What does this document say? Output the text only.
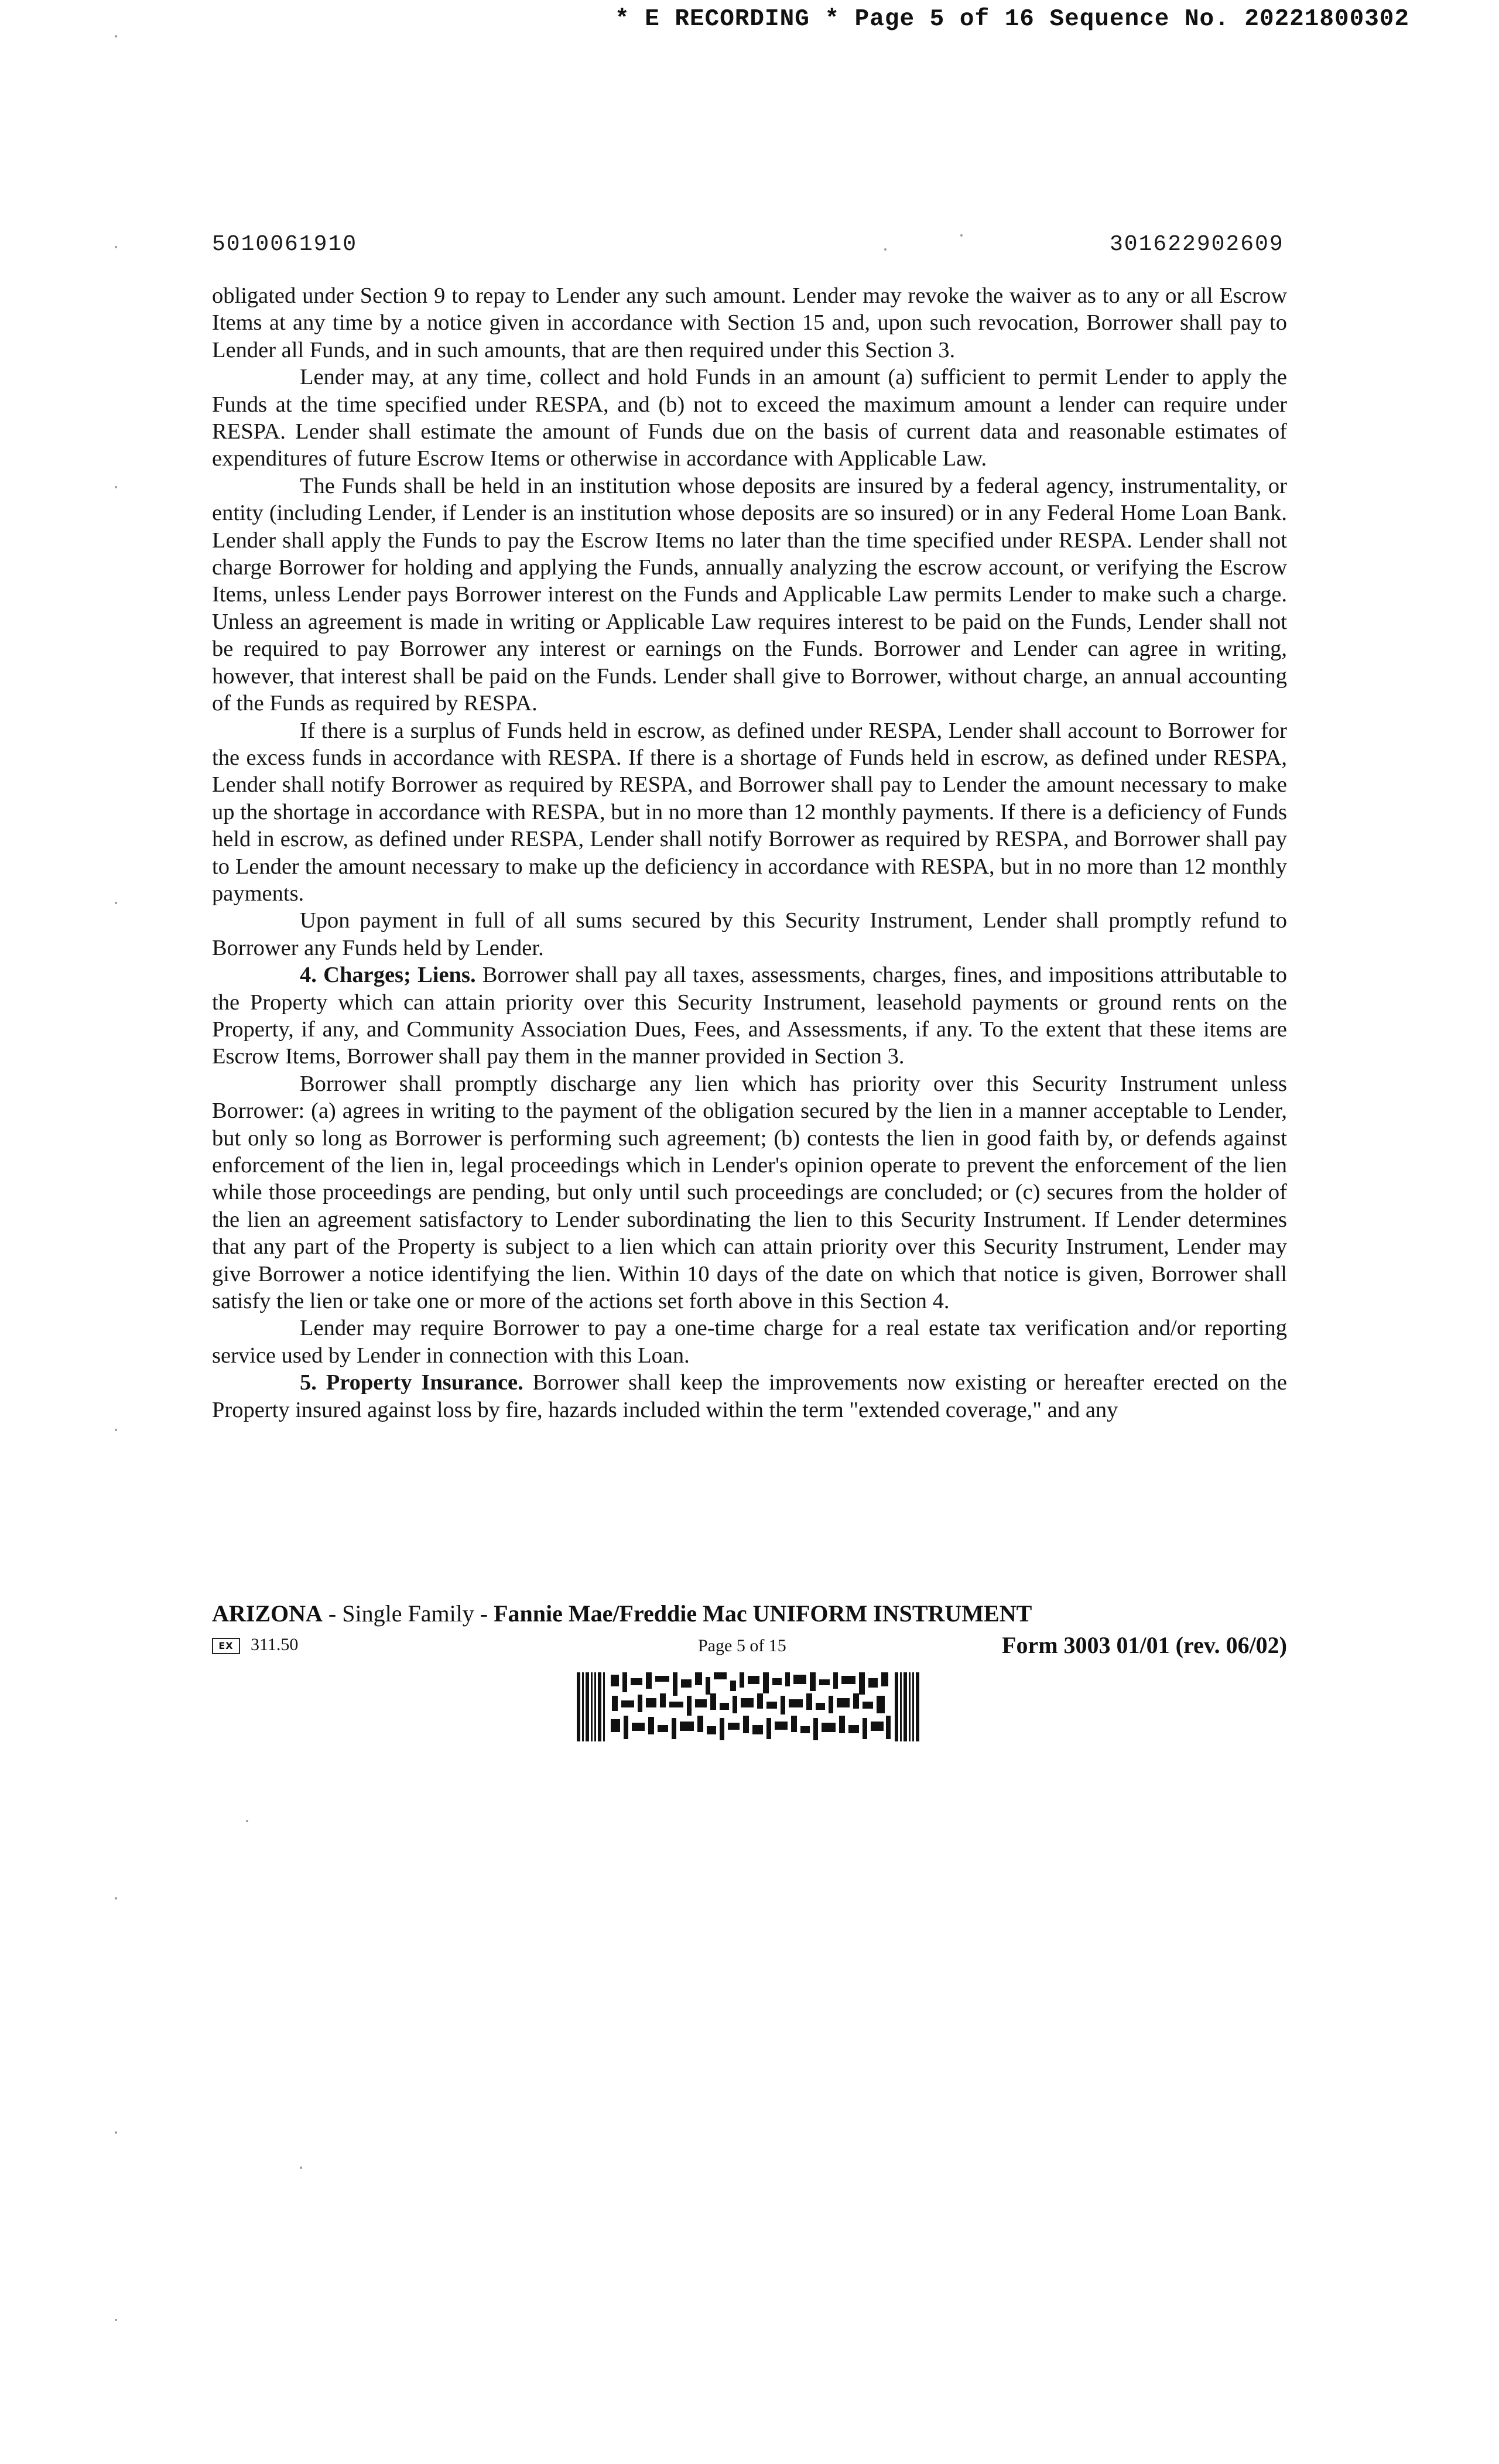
* E RECORDING * Page 5 of 16 Sequence No. 20221800302
5010061910	301622902609

obligated under Section 9 to repay to Lender any such amount. Lender may revoke the waiver as to any or all Escrow Items at any time by a notice given in accordance with Section 15 and, upon such revocation, Borrower shall pay to Lender all Funds, and in such amounts, that are then required under this Section 3.

Lender may, at any time, collect and hold Funds in an amount (a) sufficient to permit Lender to apply the Funds at the time specified under RESPA, and (b) not to exceed the maximum amount a lender can require under RESPA. Lender shall estimate the amount of Funds due on the basis of current data and reasonable estimates of expenditures of future Escrow Items or otherwise in accordance with Applicable Law.

The Funds shall be held in an institution whose deposits are insured by a federal agency, instrumentality, or entity (including Lender, if Lender is an institution whose deposits are so insured) or in any Federal Home Loan Bank. Lender shall apply the Funds to pay the Escrow Items no later than the time specified under RESPA. Lender shall not charge Borrower for holding and applying the Funds, annually analyzing the escrow account, or verifying the Escrow Items, unless Lender pays Borrower interest on the Funds and Applicable Law permits Lender to make such a charge. Unless an agreement is made in writing or Applicable Law requires interest to be paid on the Funds, Lender shall not be required to pay Borrower any interest or earnings on the Funds. Borrower and Lender can agree in writing, however, that interest shall be paid on the Funds. Lender shall give to Borrower, without charge, an annual accounting of the Funds as required by RESPA.

If there is a surplus of Funds held in escrow, as defined under RESPA, Lender shall account to Borrower for the excess funds in accordance with RESPA. If there is a shortage of Funds held in escrow, as defined under RESPA, Lender shall notify Borrower as required by RESPA, and Borrower shall pay to Lender the amount necessary to make up the shortage in accordance with RESPA, but in no more than 12 monthly payments. If there is a deficiency of Funds held in escrow, as defined under RESPA, Lender shall notify Borrower as required by RESPA, and Borrower shall pay to Lender the amount necessary to make up the deficiency in accordance with RESPA, but in no more than 12 monthly payments.

Upon payment in full of all sums secured by this Security Instrument, Lender shall promptly refund to Borrower any Funds held by Lender.

4. Charges; Liens. Borrower shall pay all taxes, assessments, charges, fines, and impositions attributable to the Property which can attain priority over this Security Instrument, leasehold payments or ground rents on the Property, if any, and Community Association Dues, Fees, and Assessments, if any. To the extent that these items are Escrow Items, Borrower shall pay them in the manner provided in Section 3.

Borrower shall promptly discharge any lien which has priority over this Security Instrument unless Borrower: (a) agrees in writing to the payment of the obligation secured by the lien in a manner acceptable to Lender, but only so long as Borrower is performing such agreement; (b) contests the lien in good faith by, or defends against enforcement of the lien in, legal proceedings which in Lender's opinion operate to prevent the enforcement of the lien while those proceedings are pending, but only until such proceedings are concluded; or (c) secures from the holder of the lien an agreement satisfactory to Lender subordinating the lien to this Security Instrument. If Lender determines that any part of the Property is subject to a lien which can attain priority over this Security Instrument, Lender may give Borrower a notice identifying the lien. Within 10 days of the date on which that notice is given, Borrower shall satisfy the lien or take one or more of the actions set forth above in this Section 4.

Lender may require Borrower to pay a one-time charge for a real estate tax verification and/or reporting service used by Lender in connection with this Loan.

5. Property Insurance. Borrower shall keep the improvements now existing or hereafter erected on the Property insured against loss by fire, hazards included within the term "extended coverage," and any

ARIZONA - Single Family - Fannie Mae/Freddie Mac UNIFORM INSTRUMENT
EX 311.50	Page 5 of 15	Form 3003 01/01 (rev. 06/02)
